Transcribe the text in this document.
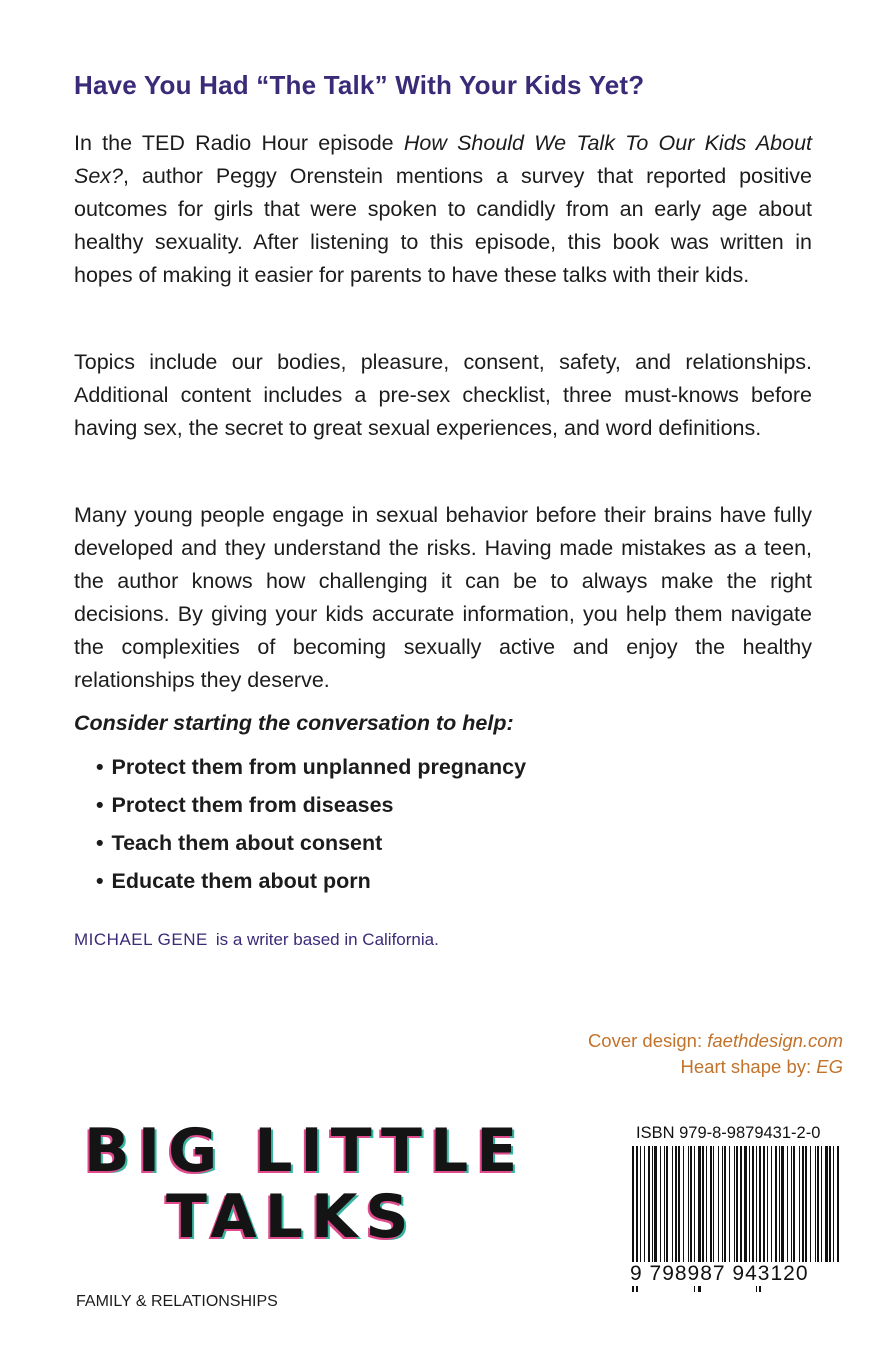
Have You Had “The Talk” With Your Kids Yet?

In the TED Radio Hour episode How Should We Talk To Our Kids About Sex?, author Peggy Orenstein mentions a survey that reported positive outcomes for girls that were spoken to candidly from an early age about healthy sexuality. After listening to this episode, this book was written in hopes of making it easier for parents to have these talks with their kids.

Topics include our bodies, pleasure, consent, safety, and relationships. Additional content includes a pre-sex checklist, three must-knows before having sex, the secret to great sexual experiences, and word definitions.

Many young people engage in sexual behavior before their brains have fully developed and they understand the risks. Having made mistakes as a teen, the author knows how challenging it can be to always make the right decisions. By giving your kids accurate information, you help them navigate the complexities of becoming sexually active and enjoy the healthy relationships they deserve.

Consider starting the conversation to help:
• Protect them from unplanned pregnancy
• Protect them from diseases
• Teach them about consent
• Educate them about porn
MICHAEL GENE is a writer based in California.
Cover design: faethdesign.com
Heart shape by: EG
BIG LITTLE
TALKS
FAMILY & RELATIONSHIPS
ISBN 979-8-9879431-2-0
9 798987 943120
